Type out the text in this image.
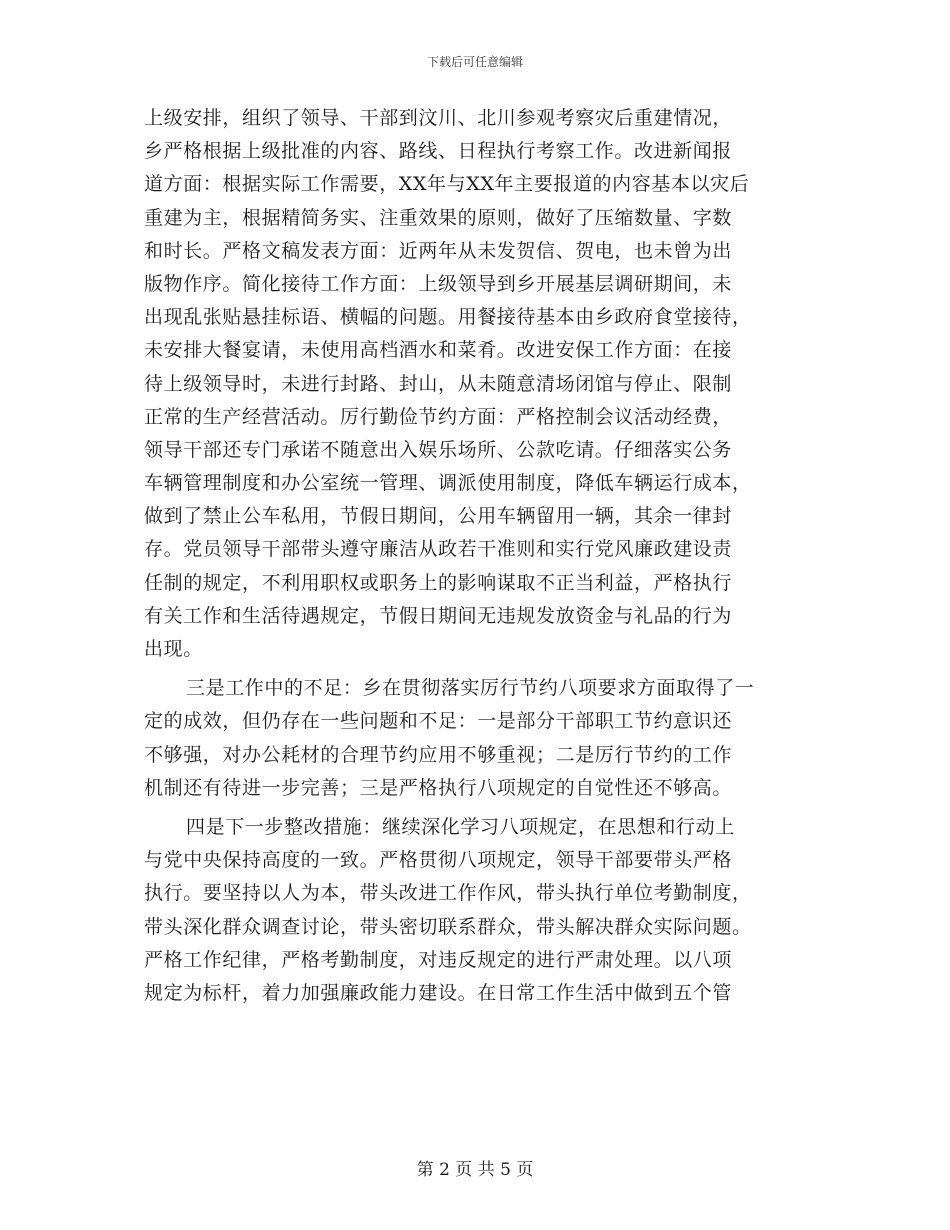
下载后可任意编辑
上级安排，组织了领导、干部到汶川、北川参观考察灾后重建情况，
乡严格根据上级批准的内容、路线、日程执行考察工作。改进新闻报
道方面：根据实际工作需要，XX年与XX年主要报道的内容基本以灾后
重建为主，根据精简务实、注重效果的原则，做好了压缩数量、字数
和时长。严格文稿发表方面：近两年从未发贺信、贺电，也未曾为出
版物作序。简化接待工作方面：上级领导到乡开展基层调研期间，未
出现乱张贴悬挂标语、横幅的问题。用餐接待基本由乡政府食堂接待，
未安排大餐宴请，未使用高档酒水和菜肴。改进安保工作方面：在接
待上级领导时，未进行封路、封山，从未随意清场闭馆与停止、限制
正常的生产经营活动。厉行勤俭节约方面：严格控制会议活动经费，
领导干部还专门承诺不随意出入娱乐场所、公款吃请。仔细落实公务
车辆管理制度和办公室统一管理、调派使用制度，降低车辆运行成本，
做到了禁止公车私用，节假日期间，公用车辆留用一辆，其余一律封
存。党员领导干部带头遵守廉洁从政若干准则和实行党风廉政建设责
任制的规定，不利用职权或职务上的影响谋取不正当利益，严格执行
有关工作和生活待遇规定，节假日期间无违规发放资金与礼品的行为
出现。
三是工作中的不足：乡在贯彻落实厉行节约八项要求方面取得了一
定的成效，但仍存在一些问题和不足：一是部分干部职工节约意识还
不够强，对办公耗材的合理节约应用不够重视；二是厉行节约的工作
机制还有待进一步完善；三是严格执行八项规定的自觉性还不够高。
四是下一步整改措施：继续深化学习八项规定，在思想和行动上
与党中央保持高度的一致。严格贯彻八项规定，领导干部要带头严格
执行。要坚持以人为本，带头改进工作作风，带头执行单位考勤制度，
带头深化群众调查讨论，带头密切联系群众，带头解决群众实际问题。
严格工作纪律，严格考勤制度，对违反规定的进行严肃处理。以八项
规定为标杆，着力加强廉政能力建设。在日常工作生活中做到五个管
第 2 页 共 5 页
